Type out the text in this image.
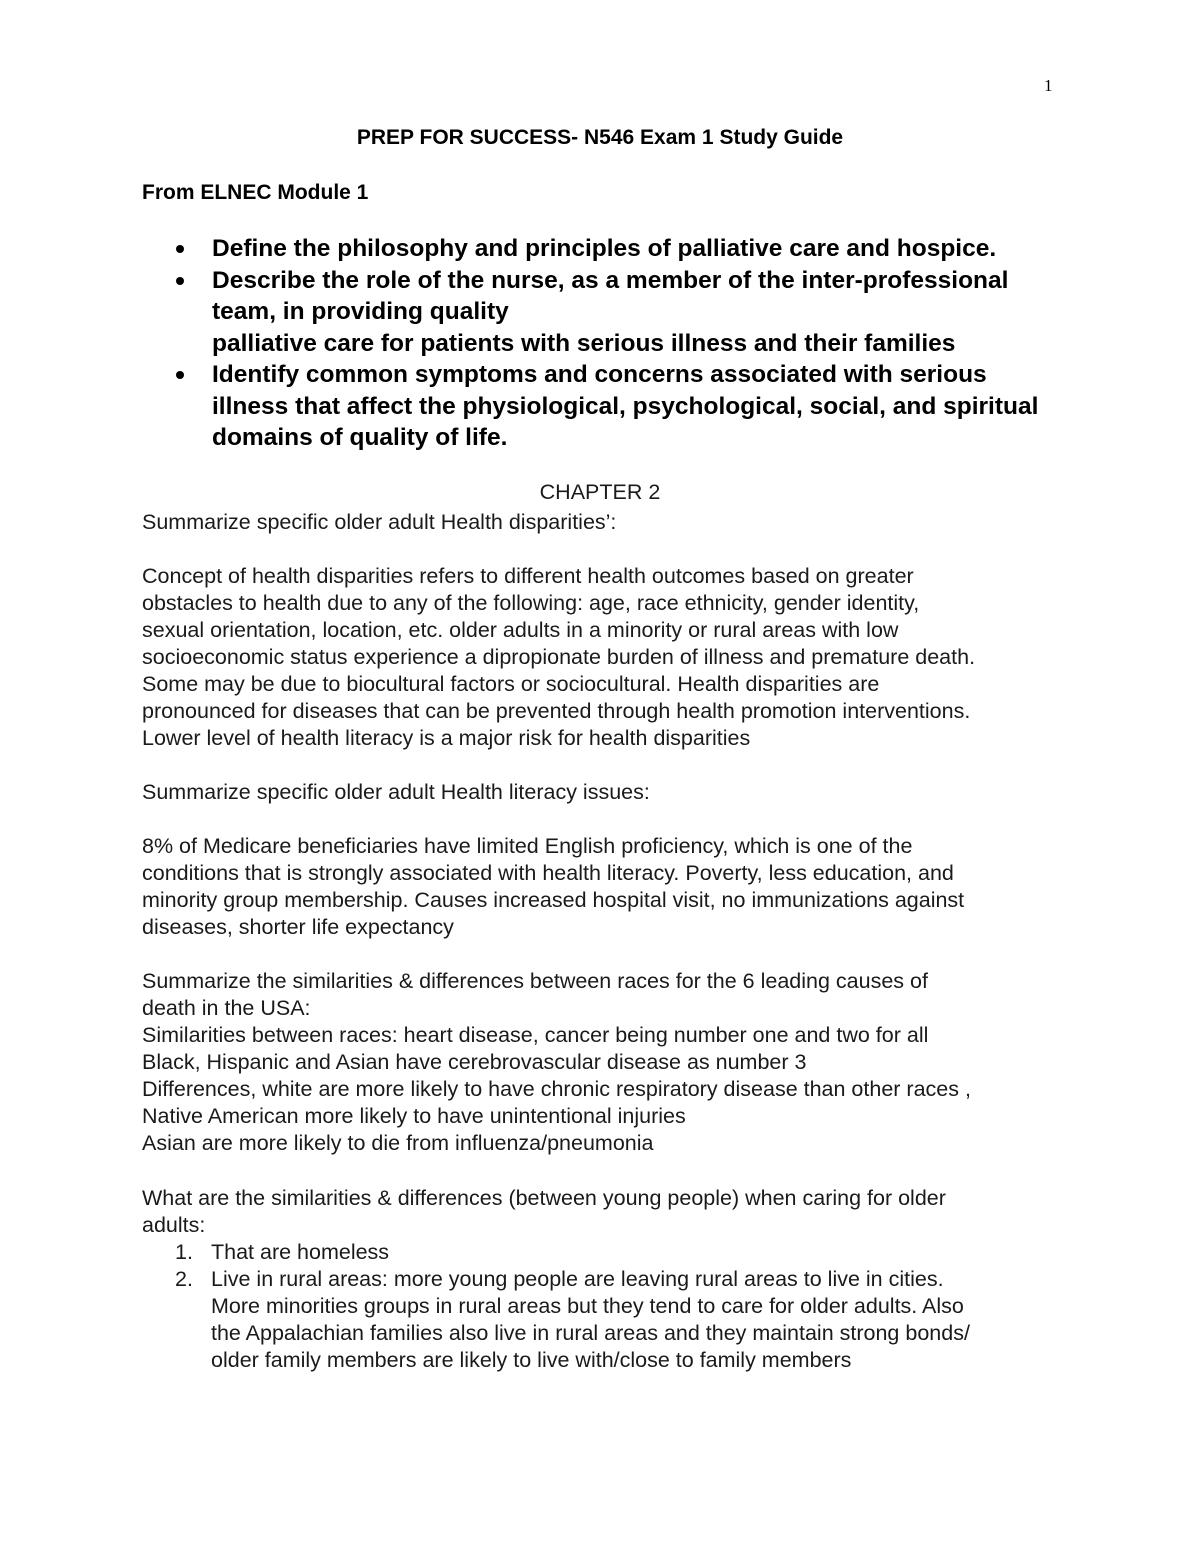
1
PREP FOR SUCCESS- N546 Exam 1 Study Guide
From ELNEC Module 1
Define the philosophy and principles of palliative care and hospice.
Describe the role of the nurse, as a member of the inter-professional
team, in providing quality
palliative care for patients with serious illness and their families
Identify common symptoms and concerns associated with serious
illness that affect the physiological, psychological, social, and spiritual
domains of quality of life.
CHAPTER 2
Summarize specific older adult Health disparities’:
Concept of health disparities refers to different health outcomes based on greater
obstacles to health due to any of the following: age, race ethnicity, gender identity,
sexual orientation, location, etc. older adults in a minority or rural areas with low
socioeconomic status experience a dipropionate burden of illness and premature death.
Some may be due to biocultural factors or sociocultural. Health disparities are
pronounced for diseases that can be prevented through health promotion interventions.
Lower level of health literacy is a major risk for health disparities
Summarize specific older adult Health literacy issues:
8% of Medicare beneficiaries have limited English proficiency, which is one of the
conditions that is strongly associated with health literacy. Poverty, less education, and
minority group membership. Causes increased hospital visit, no immunizations against
diseases, shorter life expectancy
Summarize the similarities & differences between races for the 6 leading causes of
death in the USA:
Similarities between races: heart disease, cancer being number one and two for all
Black, Hispanic and Asian have cerebrovascular disease as number 3
Differences, white are more likely to have chronic respiratory disease than other races ,
Native American more likely to have unintentional injuries
Asian are more likely to die from influenza/pneumonia
What are the similarities & differences (between young people) when caring for older
adults:
1. That are homeless
2. Live in rural areas: more young people are leaving rural areas to live in cities.
More minorities groups in rural areas but they tend to care for older adults. Also
the Appalachian families also live in rural areas and they maintain strong bonds/
older family members are likely to live with/close to family members
